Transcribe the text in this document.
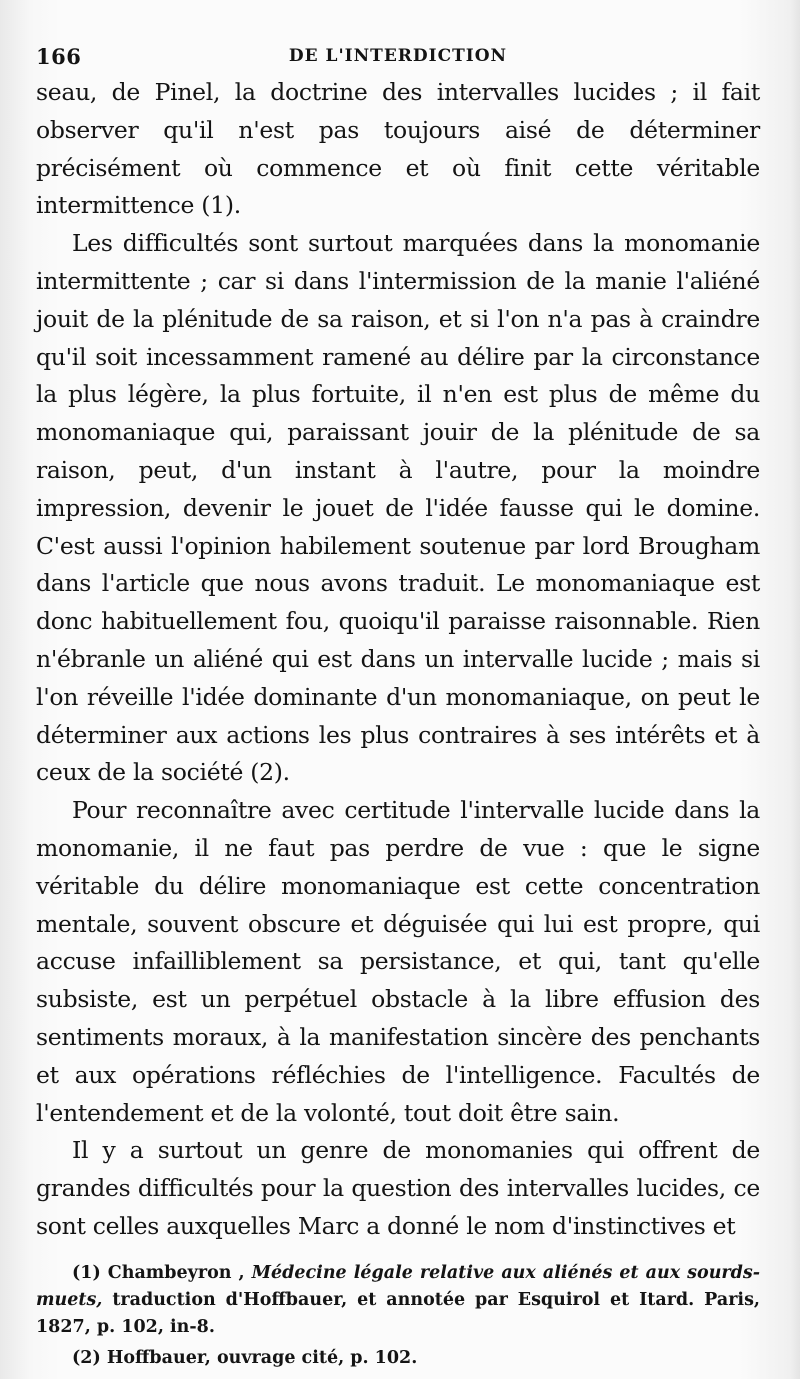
166	DE L'INTERDICTION

seau, de Pinel, la doctrine des intervalles lucides ; il fait observer qu'il n'est pas toujours aisé de déterminer précisément où commence et où finit cette véritable intermittence (1).

Les difficultés sont surtout marquées dans la monomanie intermittente ; car si dans l'intermission de la manie l'aliéné jouit de la plénitude de sa raison, et si l'on n'a pas à craindre qu'il soit incessamment ramené au délire par la circonstance la plus légère, la plus fortuite, il n'en est plus de même du monomaniaque qui, paraissant jouir de la plénitude de sa raison, peut, d'un instant à l'autre, pour la moindre impression, devenir le jouet de l'idée fausse qui le domine. C'est aussi l'opinion habilement soutenue par lord Brougham dans l'article que nous avons traduit. Le monomaniaque est donc habituellement fou, quoiqu'il paraisse raisonnable. Rien n'ébranle un aliéné qui est dans un intervalle lucide ; mais si l'on réveille l'idée dominante d'un monomaniaque, on peut le déterminer aux actions les plus contraires à ses intérêts et à ceux de la société (2).

Pour reconnaître avec certitude l'intervalle lucide dans la monomanie, il ne faut pas perdre de vue : que le signe véritable du délire monomaniaque est cette concentration mentale, souvent obscure et déguisée qui lui est propre, qui accuse infailliblement sa persistance, et qui, tant qu'elle subsiste, est un perpétuel obstacle à la libre effusion des sentiments moraux, à la manifestation sincère des penchants et aux opérations réfléchies de l'intelligence. Facultés de l'entendement et de la volonté, tout doit être sain.

Il y a surtout un genre de monomanies qui offrent de grandes difficultés pour la question des intervalles lucides, ce sont celles auxquelles Marc a donné le nom d'instinctives et

(1) Chambeyron , Médecine légale relative aux aliénés et aux sourds-muets, traduction d'Hoffbauer, et annotée par Esquirol et Itard. Paris, 1827, p. 102, in-8.

(2) Hoffbauer, ouvrage cité, p. 102.
